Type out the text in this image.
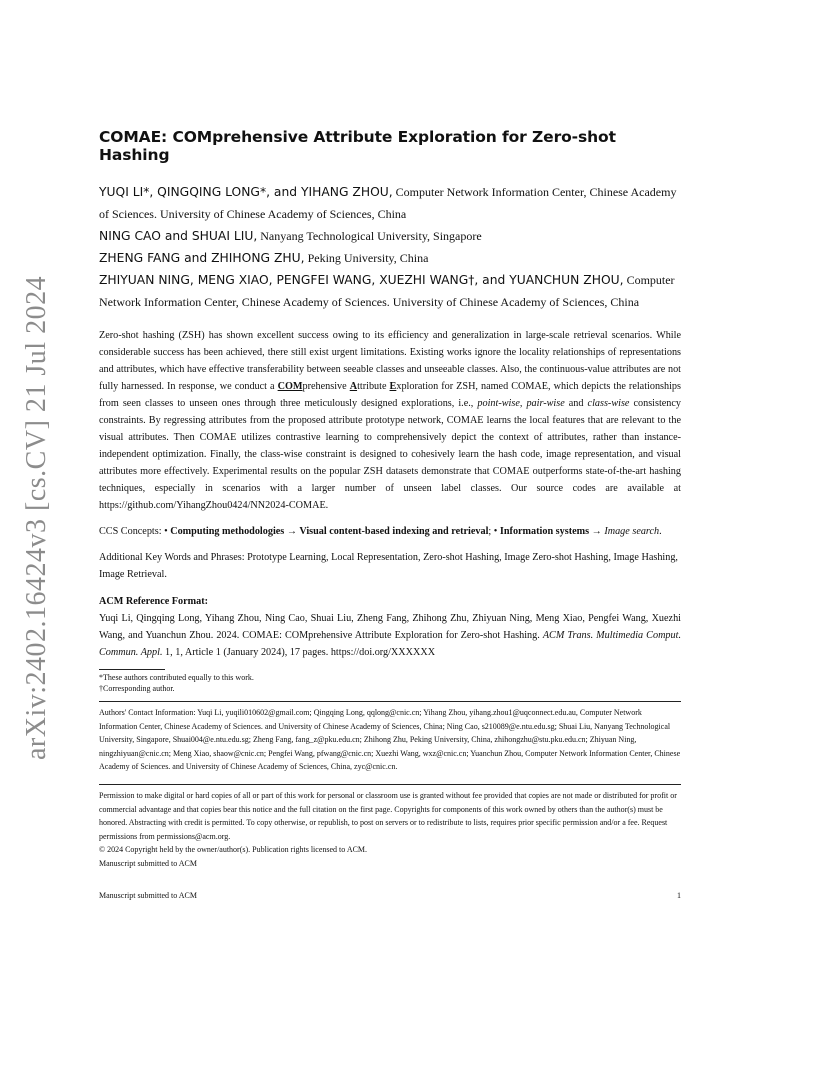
arXiv:2402.16424v3 [cs.CV] 21 Jul 2024
COMAE: COMprehensive Attribute Exploration for Zero-shot Hashing

YUQI LI*, QINGQING LONG*, and YIHANG ZHOU, Computer Network Information Center, Chinese Academy of Sciences. University of Chinese Academy of Sciences, China

NING CAO and SHUAI LIU, Nanyang Technological University, Singapore

ZHENG FANG and ZHIHONG ZHU, Peking University, China

ZHIYUAN NING, MENG XIAO, PENGFEI WANG, XUEZHI WANG†, and YUANCHUN ZHOU, Computer Network Information Center, Chinese Academy of Sciences. University of Chinese Academy of Sciences, China

Zero-shot hashing (ZSH) has shown excellent success owing to its efficiency and generalization in large-scale retrieval scenarios. While considerable success has been achieved, there still exist urgent limitations. Existing works ignore the locality relationships of representations and attributes, which have effective transferability between seeable classes and unseeable classes. Also, the continuous-value attributes are not fully harnessed. In response, we conduct a COMprehensive Attribute Exploration for ZSH, named COMAE, which depicts the relationships from seen classes to unseen ones through three meticulously designed explorations, i.e., point-wise, pair-wise and class-wise consistency constraints. By regressing attributes from the proposed attribute prototype network, COMAE learns the local features that are relevant to the visual attributes. Then COMAE utilizes contrastive learning to comprehensively depict the context of attributes, rather than instance-independent optimization. Finally, the class-wise constraint is designed to cohesively learn the hash code, image representation, and visual attributes more effectively. Experimental results on the popular ZSH datasets demonstrate that COMAE outperforms state-of-the-art hashing techniques, especially in scenarios with a larger number of unseen label classes. Our source codes are available at https://github.com/YihangZhou0424/NN2024-COMAE.
CCS Concepts: • Computing methodologies → Visual content-based indexing and retrieval; • Information systems → Image search.
Additional Key Words and Phrases: Prototype Learning, Local Representation, Zero-shot Hashing, Image Zero-shot Hashing, Image Hashing, Image Retrieval.
ACM Reference Format:
Yuqi Li, Qingqing Long, Yihang Zhou, Ning Cao, Shuai Liu, Zheng Fang, Zhihong Zhu, Zhiyuan Ning, Meng Xiao, Pengfei Wang, Xuezhi Wang, and Yuanchun Zhou. 2024. COMAE: COMprehensive Attribute Exploration for Zero-shot Hashing. ACM Trans. Multimedia Comput. Commun. Appl. 1, 1, Article 1 (January 2024), 17 pages. https://doi.org/XXXXXX
*These authors contributed equally to this work.
†Corresponding author.
Authors' Contact Information: Yuqi Li, yuqili010602@gmail.com; Qingqing Long, qqlong@cnic.cn; Yihang Zhou, yihang.zhou1@uqconnect.edu.au, Computer Network Information Center, Chinese Academy of Sciences. and University of Chinese Academy of Sciences, China; Ning Cao, s210089@e.ntu.edu.sg; Shuai Liu, Nanyang Technological University, Singapore, Shuai004@e.ntu.edu.sg; Zheng Fang, fang_z@pku.edu.cn; Zhihong Zhu, Peking University, China, zhihongzhu@stu.pku.edu.cn; Zhiyuan Ning, ningzhiyuan@cnic.cn; Meng Xiao, shaow@cnic.cn; Pengfei Wang, pfwang@cnic.cn; Xuezhi Wang, wxz@cnic.cn; Yuanchun Zhou, Computer Network Information Center, Chinese Academy of Sciences. and University of Chinese Academy of Sciences, China, zyc@cnic.cn.

Permission to make digital or hard copies of all or part of this work for personal or classroom use is granted without fee provided that copies are not made or distributed for profit or commercial advantage and that copies bear this notice and the full citation on the first page. Copyrights for components of this work owned by others than the author(s) must be honored. Abstracting with credit is permitted. To copy otherwise, or republish, to post on servers or to redistribute to lists, requires prior specific permission and/or a fee. Request permissions from permissions@acm.org.

© 2024 Copyright held by the owner/author(s). Publication rights licensed to ACM.

Manuscript submitted to ACM

Manuscript submitted to ACM	1
